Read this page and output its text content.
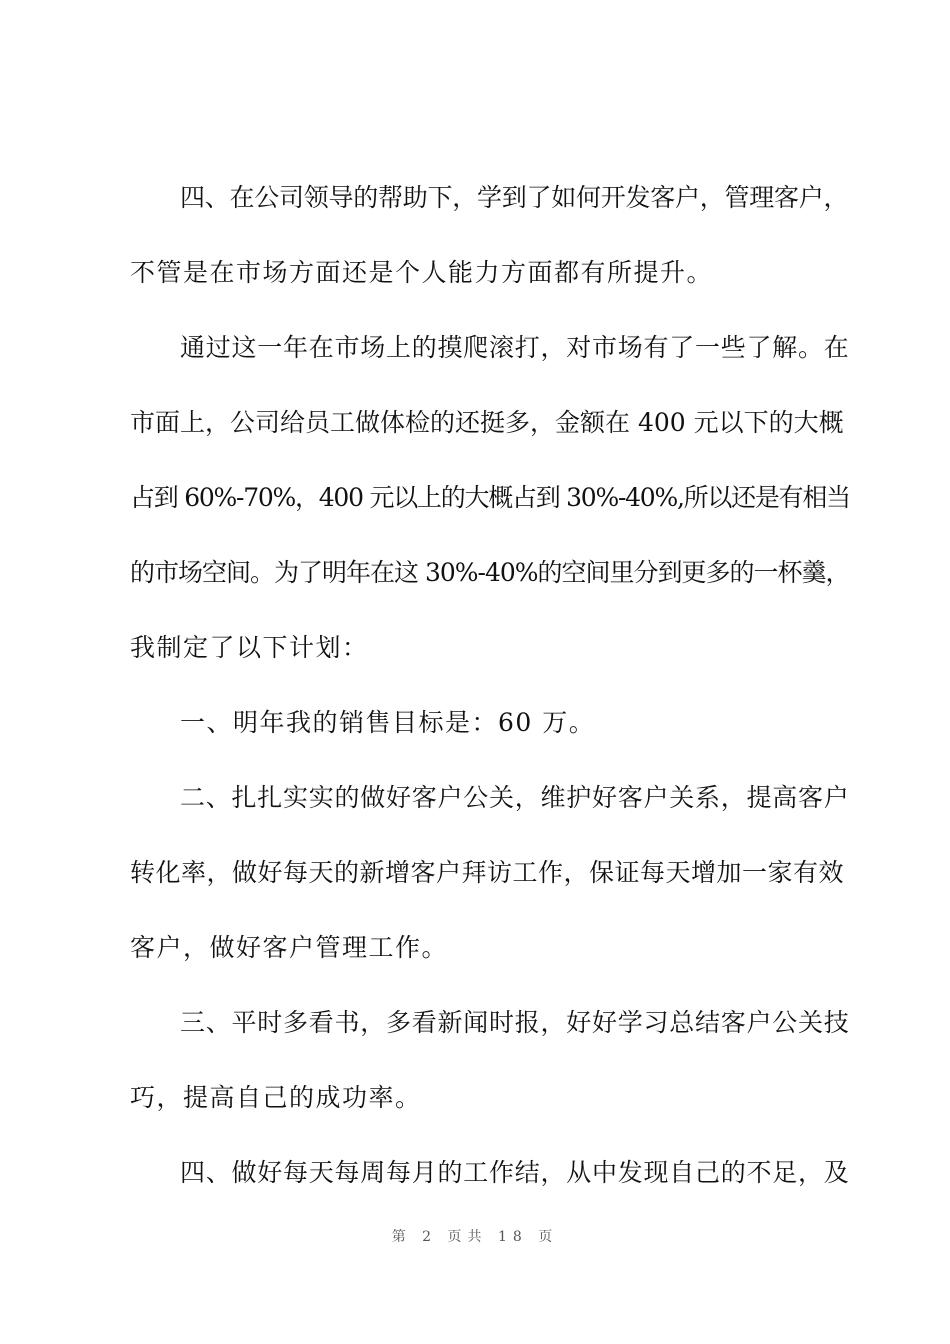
四、在公司领导的帮助下，学到了如何开发客户，管理客户，
不管是在市场方面还是个人能力方面都有所提升。
通过这一年在市场上的摸爬滚打，对市场有了一些了解。在
市面上，公司给员工做体检的还挺多，金额在 400 元以下的大概
占到 60%-70%，400 元以上的大概占到 30%-40%,所以还是有相当
的市场空间。为了明年在这 30%-40%的空间里分到更多的一杯羹，
我制定了以下计划：
一、明年我的销售目标是：60 万。
二、扎扎实实的做好客户公关，维护好客户关系，提高客户
转化率，做好每天的新增客户拜访工作，保证每天增加一家有效
客户，做好客户管理工作。
三、平时多看书，多看新闻时报，好好学习总结客户公关技
巧，提高自己的成功率。
四、做好每天每周每月的工作结，从中发现自己的不足，及
第 2 页共 18 页
